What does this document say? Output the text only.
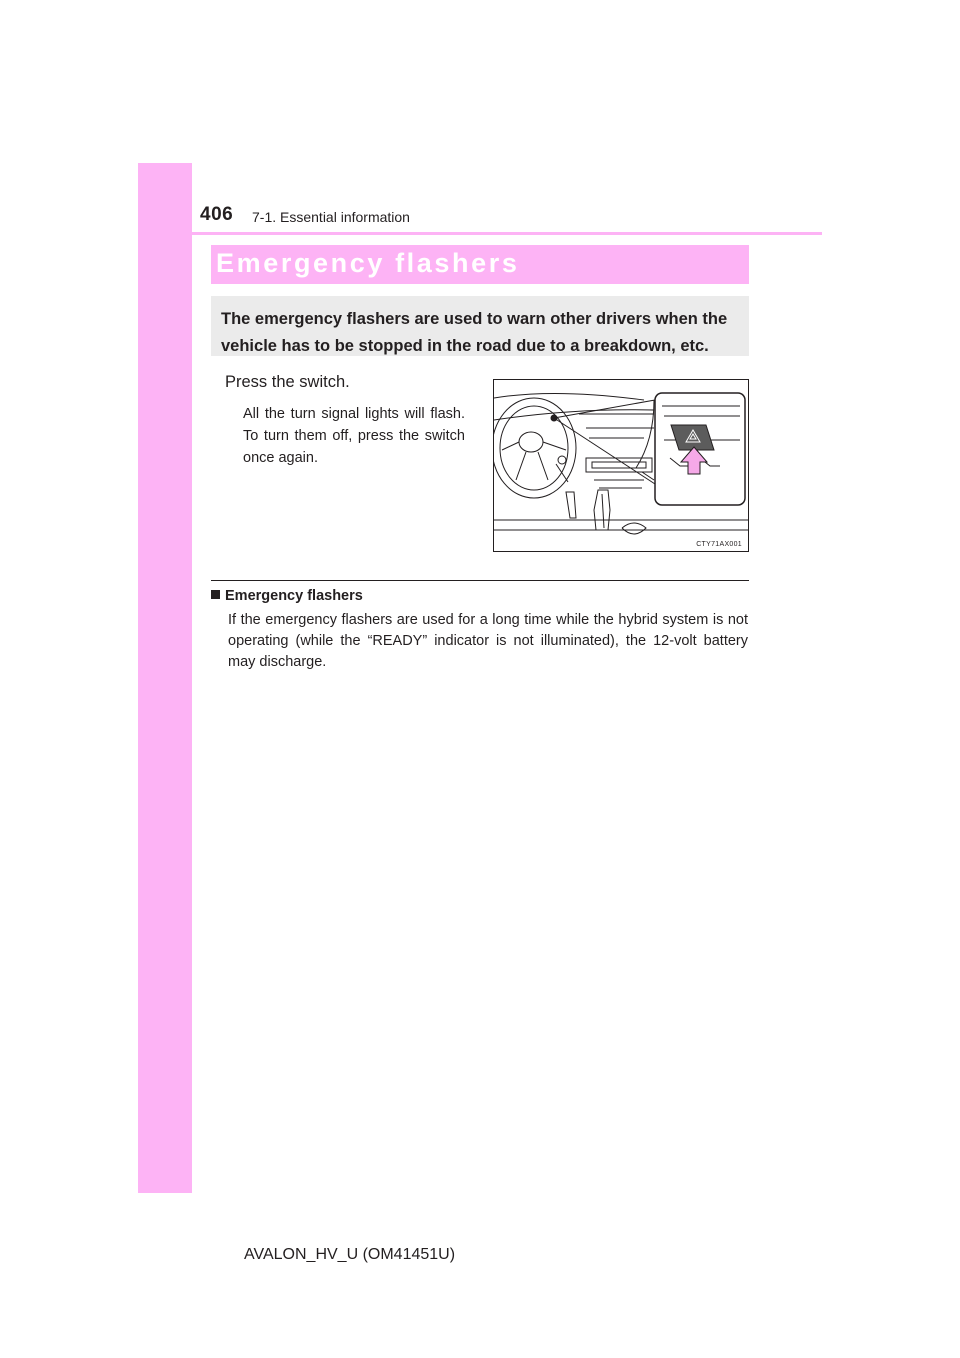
406 7-1. Essential information
Emergency flashers
The emergency flashers are used to warn other drivers when the
vehicle has to be stopped in the road due to a breakdown, etc.
Press the switch.
All the turn signal lights will flash. To turn them off, press the switch once again.
CTY71AX001
Emergency flashers
If the emergency flashers are used for a long time while the hybrid system is not operating (while the “READY” indicator is not illuminated), the 12-volt battery may discharge.
AVALON_HV_U (OM41451U)
